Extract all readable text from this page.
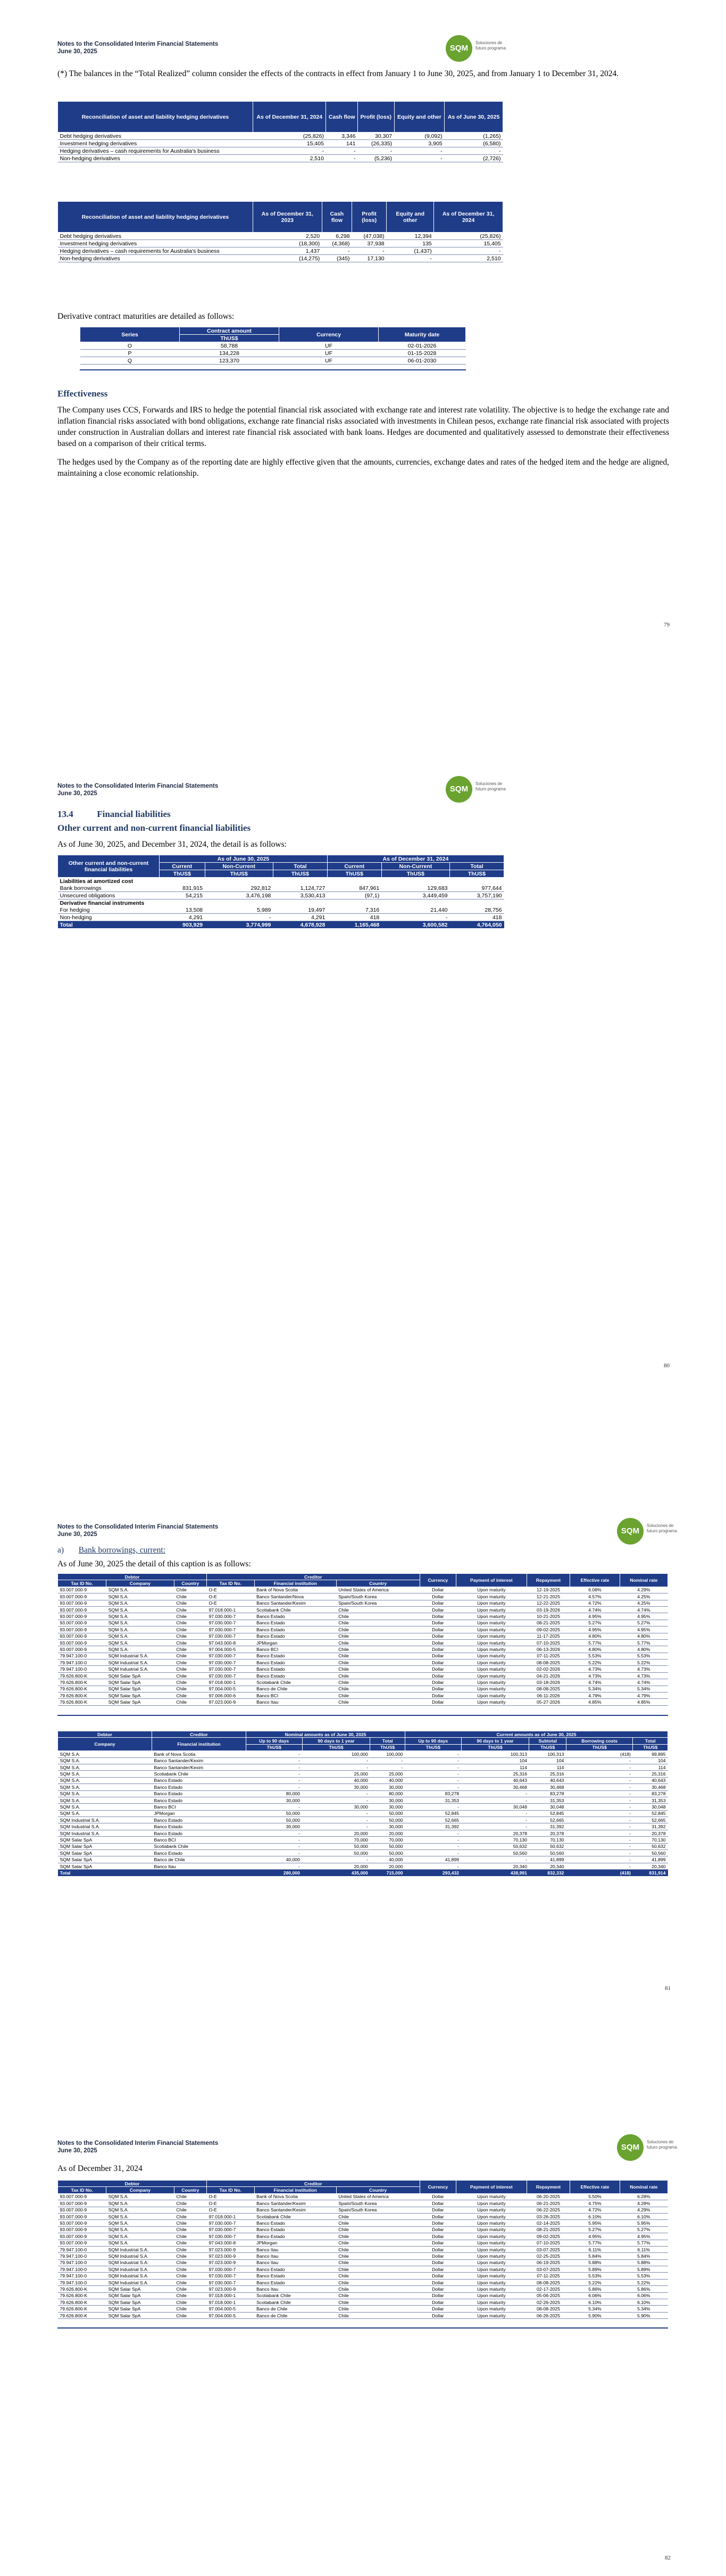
Notes to the Consolidated Interim Financial Statements
June 30, 2025	SQM
Soluciones de futuro programa
(*) The balances in the “Total Realized” column consider the effects of the contracts in effect from January 1 to June 30, 2025, and from January 1 to December 31, 2024.
Reconciliation of asset and liability hedging derivatives	As of December 31, 2024	Cash flow	Profit (loss)	Equity and other	As of June 30, 2025
Debt hedging derivatives	(25,826)	3,346	30,307	(9,092)	(1,265)
Investment hedging derivatives	15,405	141	(26,335)	3,905	(6,580)
Hedging derivatives – cash requirements for Australia's business	-	-	-	-	-
Non-hedging derivatives	2,510	-	(5,236)	-	(2,726)
Reconciliation of asset and liability hedging derivatives	As of December 31, 2023	Cash flow	Profit (loss)	Equity and other	As of December 31, 2024
Debt hedging derivatives	2,520	6,298	(47,038)	12,394	(25,826)
Investment hedging derivatives	(18,300)	(4,368)	37,938	135	15,405
Hedging derivatives – cash requirements for Australia's business	1,437	-	-	(1,437)	-
Non-hedging derivatives	(14,275)	(345)	17,130	-	2,510
Derivative contract maturities are detailed as follows:
Series	Contract amount	Currency	Maturity date
	ThUS$		
O	58,788	UF	02-01-2026
P	134,228	UF	01-15-2028
Q	123,370	UF	06-01-2030
Effectiveness
The Company uses CCS, Forwards and IRS to hedge the potential financial risk associated with exchange rate and interest rate volatility. The objective is to hedge the exchange rate and inflation financial risks associated with bond obligations, exchange rate financial risks associated with investments in Chilean pesos, exchange rate financial risk associated with projects under construction in Australian dollars and interest rate financial risk associated with bank loans. Hedges are documented and qualitatively assessed to demonstrate their effectiveness based on a comparison of their critical terms.
The hedges used by the Company as of the reporting date are highly effective given that the amounts, currencies, exchange dates and rates of the hedged item and the hedge are aligned, maintaining a close economic relationship.
79
Notes to the Consolidated Interim Financial Statements
June 30, 2025	SQM
Soluciones de futuro programa
13.4	Financial liabilities
Other current and non-current financial liabilities
As of June 30, 2025, and December 31, 2024, the detail is as follows:
Other current and non-current financial liabilities	As of June 30, 2025			As of December 31, 2024		
	Current	Non-Current	Total	Current	Non-Current	Total
	ThUS$	ThUS$	ThUS$	ThUS$	ThUS$	ThUS$
Liabilities at amortized cost						
Bank borrowings	831,915	292,812	1,124,727	847,961	129,683	977,644
Unsecured obligations	54,215	3,476,198	3,530,413	(97,1)	3,449,459	3,757,190
Derivative financial instruments						
For hedging	13,508	5,989	19,497	7,316	21,440	28,756
Non-hedging	4,291	-	4,291	418	-	418
Total	903,929	3,774,999	4,678,928	1,165,468	3,600,582	4,764,050
80
Notes to the Consolidated Interim Financial Statements
June 30, 2025	SQM
Soluciones de futuro programa
a) Bank borrowings, current:
As of June 30, 2025 the detail of this caption is as follows:
Debtor			Creditor			Currency	Payment of interest	Repayment	Effective rate	Nominal rate
Tax ID No.	Company	Country	Tax ID No.	Financial institution	Country					
93.007.000-9	SQM S.A.	Chile	O-E	Bank of Nova Scotia	United States of America	Dollar	Upon maturity	12-19-2025	6.08%	4.29%
93.007.000-9	SQM S.A.	Chile	O-E	Banco Santander/Nova	Spain/South Korea	Dollar	Upon maturity	12-21-2025	4.57%	4.25%
93.007.000-9	SQM S.A.	Chile	O-E	Banco Santander/Kexim	Spain/South Korea	Dollar	Upon maturity	12-22-2025	4.72%	4.25%
93.007.000-9	SQM S.A.	Chile	97.018.000-1	Scotiabank Chile	Chile	Dollar	Upon maturity	03-19-2026	4.74%	4.74%
93.007.000-9	SQM S.A.	Chile	97.030.000-7	Banco Estado	Chile	Dollar	Upon maturity	10-21-2025	4.95%	4.95%
93.007.000-9	SQM S.A.	Chile	97.030.000-7	Banco Estado	Chile	Dollar	Upon maturity	08-21-2025	5.27%	5.27%
93.007.000-9	SQM S.A.	Chile	97.030.000-7	Banco Estado	Chile	Dollar	Upon maturity	09-02-2025	4.95%	4.95%
93.007.000-9	SQM S.A.	Chile	97.030.000-7	Banco Estado	Chile	Dollar	Upon maturity	11-17-2025	4.80%	4.80%
93.007.000-9	SQM S.A.	Chile	97.043.000-8	JPMorgan	Chile	Dollar	Upon maturity	07-10-2025	5.77%	5.77%
93.007.000-9	SQM S.A.	Chile	97.004.000-5	Banco BCI	Chile	Dollar	Upon maturity	06-13-2026	4.80%	4.80%
79.947.100-0	SQM Industrial S.A.	Chile	97.030.000-7	Banco Estado	Chile	Dollar	Upon maturity	07-11-2025	5.53%	5.53%
79.947.100-0	SQM Industrial S.A.	Chile	97.030.000-7	Banco Estado	Chile	Dollar	Upon maturity	08-08-2025	5.22%	5.22%
79.947.100-0	SQM Industrial S.A.	Chile	97.030.000-7	Banco Estado	Chile	Dollar	Upon maturity	02-02-2026	4.73%	4.73%
79.626.800-K	SQM Salar SpA	Chile	97.030.000-7	Banco Estado	Chile	Dollar	Upon maturity	04-21-2026	4.73%	4.73%
79.626.800-K	SQM Salar SpA	Chile	97.018.000-1	Scotiabank Chile	Chile	Dollar	Upon maturity	03-18-2026	4.74%	4.74%
79.626.800-K	SQM Salar SpA	Chile	97.004.000-5	Banco de Chile	Chile	Dollar	Upon maturity	08-08-2025	5.34%	5.34%
79.626.800-K	SQM Salar SpA	Chile	97.006.000-6	Banco BCI	Chile	Dollar	Upon maturity	06-11-2026	4.79%	4.79%
79.626.800-K	SQM Salar SpA	Chile	97.023.000-9	Banco Itau	Chile	Dollar	Upon maturity	05-27-2026	4.85%	4.85%
Debtor	Creditor	Nominal amounts as of June 30, 2025			Current amounts as of June 30, 2025				
Company	Financial institution	Up to 90 days	90 days to 1 year	Total	Up to 90 days	90 days to 1 year	Subtotal	Borrowing costs	Total
		ThUS$	ThUS$	ThUS$	ThUS$	ThUS$	ThUS$	ThUS$	ThUS$
SQM S.A.	Bank of Nova Scotia	-	100,000	100,000	-	100,313	100,313	(418)	99,895
SQM S.A.	Banco Santander/Kexim	-	-	-	-	104	104	-	104
SQM S.A.	Banco Santander/Kexim	-	-	-	-	114	114	-	114
SQM S.A.	Scotiabank Chile	-	25,000	25,000	-	25,316	25,316	-	25,316
SQM S.A.	Banco Estado	-	40,000	40,000	-	40,643	40,643	-	40,643
SQM S.A.	Banco Estado	-	30,000	30,000	-	30,468	30,468	-	30,468
SQM S.A.	Banco Estado	80,000	-	80,000	83,278	-	83,278	-	83,278
SQM S.A.	Banco Estado	30,000	-	30,000	31,353	-	31,353	-	31,353
SQM S.A.	Banco BCI	-	30,000	30,000	-	30,048	30,048	-	30,048
SQM S.A.	JPMorgan	50,000	-	50,000	52,845	-	52,845	-	52,845
SQM Industrial S.A.	Banco Estado	50,000	-	50,000	52,665	-	52,665	-	52,665
SQM Industrial S.A.	Banco Estado	30,000	-	30,000	31,392	-	31,392	-	31,392
SQM Industrial S.A.	Banco Estado	-	20,000	20,000	-	20,378	20,378	-	20,378
SQM Salar SpA	Banco BCI	-	70,000	70,000	-	70,130	70,130	-	70,130
SQM Salar SpA	Scotiabank Chile	-	50,000	50,000	-	50,632	50,632	-	50,632
SQM Salar SpA	Banco Estado	-	50,000	50,000	-	50,560	50,560	-	50,560
SQM Salar SpA	Banco de Chile	40,000	-	40,000	41,899	-	41,899	-	41,899
SQM Salar SpA	Banco Itau	-	20,000	20,000	-	20,340	20,340	-	20,340
Total		280,000	435,000	715,000	293,432	438,991	832,332	(418)	831,914
81
Notes to the Consolidated Interim Financial Statements
June 30, 2025	SQM
Soluciones de futuro programa
As of December 31, 2024
Debtor			Creditor			Currency	Payment of interest	Repayment	Effective rate	Nominal rate
Tax ID No.	Company	Country	Tax ID No.	Financial institution	Country					
93.007.000-9	SQM S.A.	Chile	O-E	Bank of Nova Scotia	United States of America	Dollar	Upon maturity	06-20-2025	5.50%	6.28%
93.007.000-9	SQM S.A.	Chile	O-E	Banco Santander/Kexim	Spain/South Korea	Dollar	Upon maturity	06-21-2025	4.75%	4.28%
93.007.000-9	SQM S.A.	Chile	O-E	Banco Santander/Kexim	Spain/South Korea	Dollar	Upon maturity	06-22-2025	4.72%	4.29%
93.007.000-9	SQM S.A.	Chile	97.018.000-1	Scotiabank Chile	Chile	Dollar	Upon maturity	03-26-2025	6.10%	6.10%
93.007.000-9	SQM S.A.	Chile	97.030.000-7	Banco Estado	Chile	Dollar	Upon maturity	02-14-2025	5.95%	5.95%
93.007.000-9	SQM S.A.	Chile	97.030.000-7	Banco Estado	Chile	Dollar	Upon maturity	08-21-2025	5.27%	5.27%
93.007.000-9	SQM S.A.	Chile	97.030.000-7	Banco Estado	Chile	Dollar	Upon maturity	09-02-2025	4.95%	4.95%
93.007.000-9	SQM S.A.	Chile	97.043.000-8	JPMorgan	Chile	Dollar	Upon maturity	07-10-2025	5.77%	5.77%
79.947.100-0	SQM Industrial S.A.	Chile	97.023.000-9	Banco Itau	Chile	Dollar	Upon maturity	03-07-2025	6.11%	6.11%
79.947.100-0	SQM Industrial S.A.	Chile	97.023.000-9	Banco Itau	Chile	Dollar	Upon maturity	02-25-2025	5.84%	5.84%
79.947.100-0	SQM Industrial S.A.	Chile	97.023.000-9	Banco Itau	Chile	Dollar	Upon maturity	06-19-2025	5.88%	5.88%
79.947.100-0	SQM Industrial S.A.	Chile	97.030.000-7	Banco Estado	Chile	Dollar	Upon maturity	03-07-2025	5.89%	5.89%
79.947.100-0	SQM Industrial S.A.	Chile	97.030.000-7	Banco Estado	Chile	Dollar	Upon maturity	07-11-2025	5.53%	5.53%
79.947.100-0	SQM Industrial S.A.	Chile	97.030.000-7	Banco Estado	Chile	Dollar	Upon maturity	08-08-2025	5.22%	5.22%
79.626.800-K	SQM Salar SpA	Chile	97.023.000-9	Banco Itau	Chile	Dollar	Upon maturity	02-17-2025	5.86%	5.86%
79.626.800-K	SQM Salar SpA	Chile	97.018.000-1	Scotiabank Chile	Chile	Dollar	Upon maturity	05-06-2025	6.06%	6.06%
79.626.800-K	SQM Salar SpA	Chile	97.018.000-1	Scotiabank Chile	Chile	Dollar	Upon maturity	02-26-2025	6.10%	6.10%
79.626.800-K	SQM Salar SpA	Chile	97.004.000-5	Banco de Chile	Chile	Dollar	Upon maturity	08-08-2025	5.34%	5.34%
79.626.800-K	SQM Salar SpA	Chile	97.004.000-5	Banco de Chile	Chile	Dollar	Upon maturity	06-26-2025	5.90%	5.90%
82
